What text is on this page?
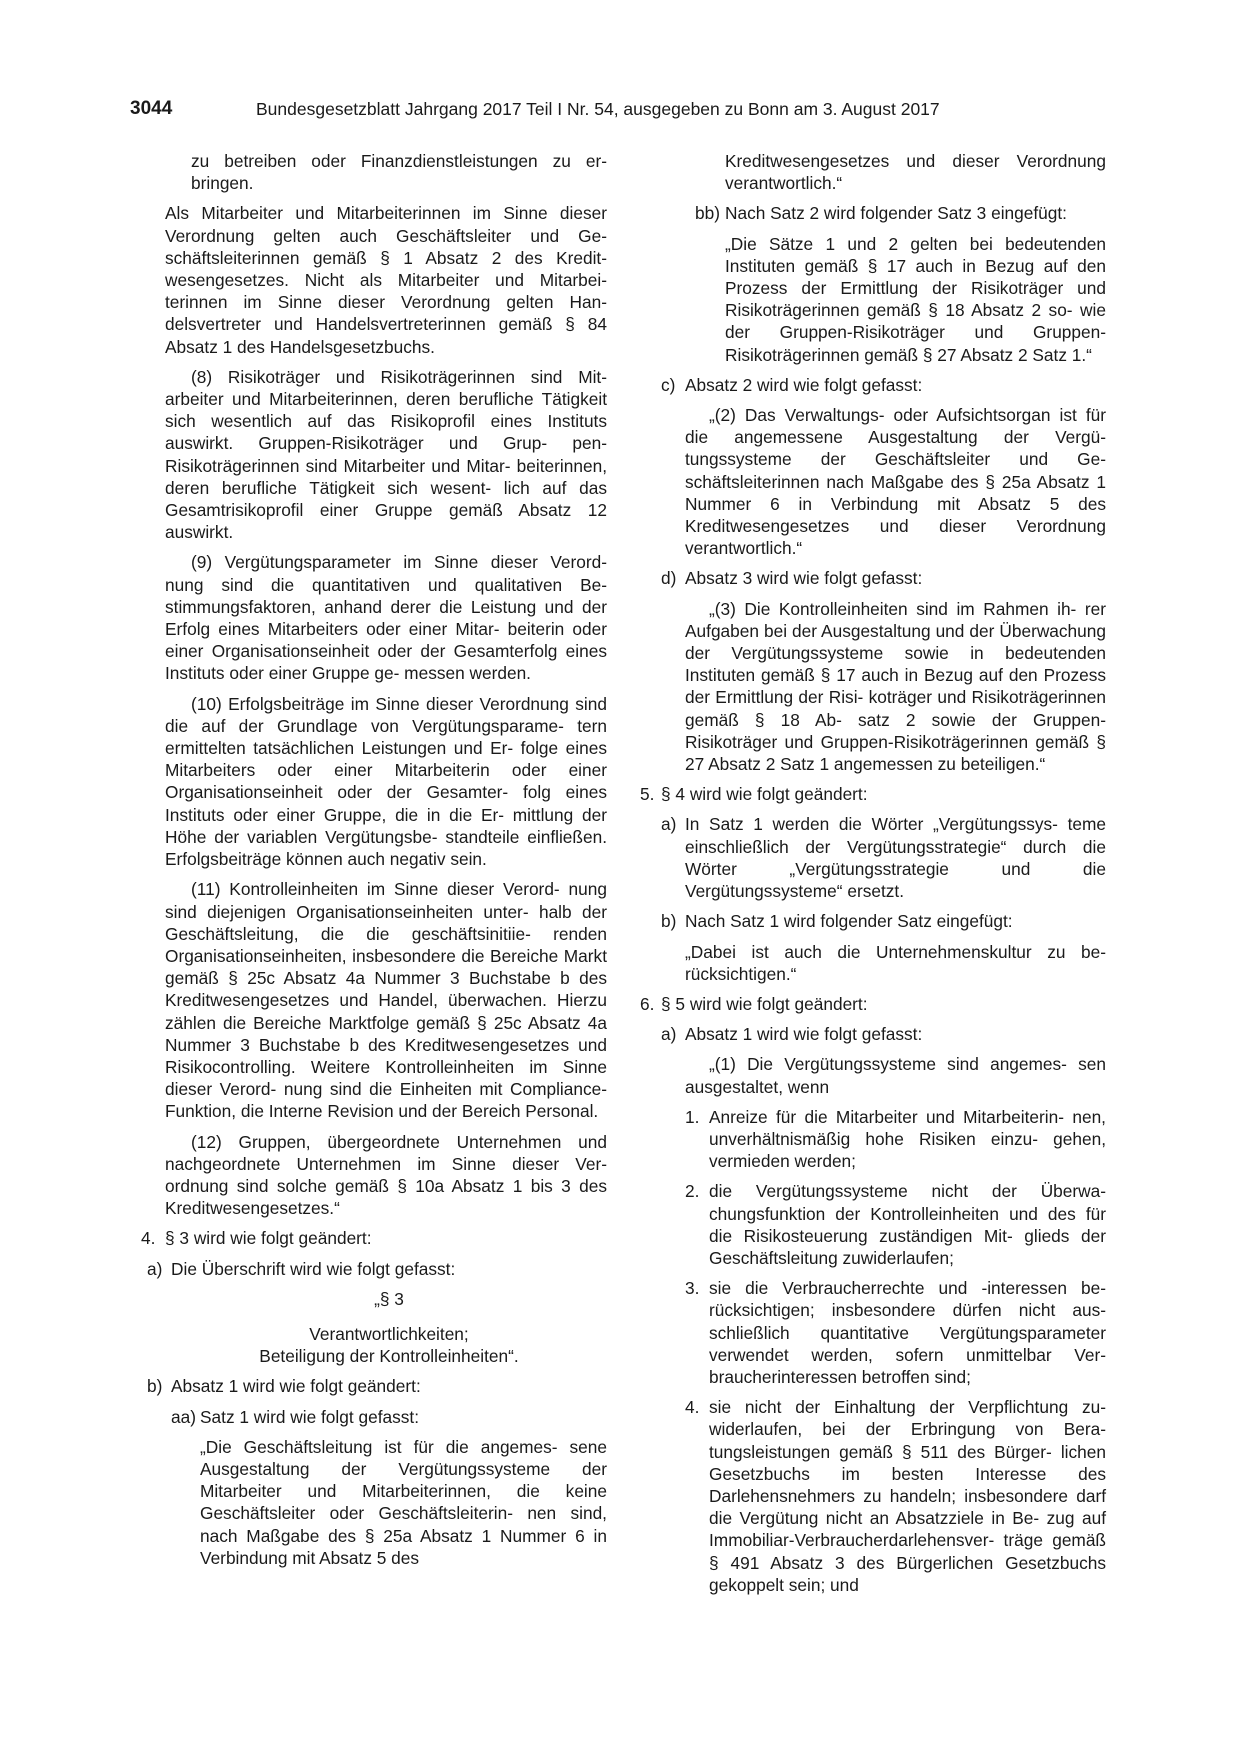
3044	Bundesgesetzblatt Jahrgang 2017 Teil I Nr. 54, ausgegeben zu Bonn am 3. August 2017
zu betreiben oder Finanzdienstleistungen zu er- bringen.
Als Mitarbeiter und Mitarbeiterinnen im Sinne dieser Verordnung gelten auch Geschäftsleiter und Ge- schäftsleiterinnen gemäß § 1 Absatz 2 des Kredit- wesengesetzes. Nicht als Mitarbeiter und Mitarbei- terinnen im Sinne dieser Verordnung gelten Han- delsvertreter und Handelsvertreterinnen gemäß § 84 Absatz 1 des Handelsgesetzbuchs.
(8) Risikoträger und Risikoträgerinnen sind Mit- arbeiter und Mitarbeiterinnen, deren berufliche Tätigkeit sich wesentlich auf das Risikoprofil eines Instituts auswirkt. Gruppen-Risikoträger und Grup- pen-Risikoträgerinnen sind Mitarbeiter und Mitar- beiterinnen, deren berufliche Tätigkeit sich wesent- lich auf das Gesamtrisikoprofil einer Gruppe gemäß Absatz 12 auswirkt.
(9) Vergütungsparameter im Sinne dieser Verord- nung sind die quantitativen und qualitativen Be- stimmungsfaktoren, anhand derer die Leistung und der Erfolg eines Mitarbeiters oder einer Mitar- beiterin oder einer Organisationseinheit oder der Gesamterfolg eines Instituts oder einer Gruppe ge- messen werden.
(10) Erfolgsbeiträge im Sinne dieser Verordnung sind die auf der Grundlage von Vergütungsparame- tern ermittelten tatsächlichen Leistungen und Er- folge eines Mitarbeiters oder einer Mitarbeiterin oder einer Organisationseinheit oder der Gesamter- folg eines Instituts oder einer Gruppe, die in die Er- mittlung der Höhe der variablen Vergütungsbe- standteile einfließen. Erfolgsbeiträge können auch negativ sein.
(11) Kontrolleinheiten im Sinne dieser Verord- nung sind diejenigen Organisationseinheiten unter- halb der Geschäftsleitung, die die geschäftsinitiie- renden Organisationseinheiten, insbesondere die Bereiche Markt gemäß § 25c Absatz 4a Nummer 3 Buchstabe b des Kreditwesengesetzes und Handel, überwachen. Hierzu zählen die Bereiche Marktfolge gemäß § 25c Absatz 4a Nummer 3 Buchstabe b des Kreditwesengesetzes und Risikocontrolling. Weitere Kontrolleinheiten im Sinne dieser Verord- nung sind die Einheiten mit Compliance-Funktion, die Interne Revision und der Bereich Personal.
(12) Gruppen, übergeordnete Unternehmen und nachgeordnete Unternehmen im Sinne dieser Ver- ordnung sind solche gemäß § 10a Absatz 1 bis 3 des Kreditwesengesetzes.“
4. § 3 wird wie folgt geändert:
a) Die Überschrift wird wie folgt gefasst:
„§ 3
Verantwortlichkeiten;
Beteiligung der Kontrolleinheiten“.
b) Absatz 1 wird wie folgt geändert:
aa) Satz 1 wird wie folgt gefasst:
„Die Geschäftsleitung ist für die angemes- sene Ausgestaltung der Vergütungssysteme der Mitarbeiter und Mitarbeiterinnen, die keine Geschäftsleiter oder Geschäftsleiterin- nen sind, nach Maßgabe des § 25a Absatz 1 Nummer 6 in Verbindung mit Absatz 5 des
Kreditwesengesetzes und dieser Verordnung verantwortlich.“
bb) Nach Satz 2 wird folgender Satz 3 eingefügt:
„Die Sätze 1 und 2 gelten bei bedeutenden Instituten gemäß § 17 auch in Bezug auf den Prozess der Ermittlung der Risikoträger und Risikoträgerinnen gemäß § 18 Absatz 2 so- wie der Gruppen-Risikoträger und Gruppen- Risikoträgerinnen gemäß § 27 Absatz 2 Satz 1.“
c) Absatz 2 wird wie folgt gefasst:
„(2) Das Verwaltungs- oder Aufsichtsorgan ist für die angemessene Ausgestaltung der Vergü- tungssysteme der Geschäftsleiter und Ge- schäftsleiterinnen nach Maßgabe des § 25a Absatz 1 Nummer 6 in Verbindung mit Absatz 5 des Kreditwesengesetzes und dieser Verordnung verantwortlich.“
d) Absatz 3 wird wie folgt gefasst:
„(3) Die Kontrolleinheiten sind im Rahmen ih- rer Aufgaben bei der Ausgestaltung und der Überwachung der Vergütungssysteme sowie in bedeutenden Instituten gemäß § 17 auch in Bezug auf den Prozess der Ermittlung der Risi- koträger und Risikoträgerinnen gemäß § 18 Ab- satz 2 sowie der Gruppen-Risikoträger und Gruppen-Risikoträgerinnen gemäß § 27 Absatz 2 Satz 1 angemessen zu beteiligen.“
5. § 4 wird wie folgt geändert:
a) In Satz 1 werden die Wörter „Vergütungssys- teme einschließlich der Vergütungsstrategie“ durch die Wörter „Vergütungsstrategie und die Vergütungssysteme“ ersetzt.
b) Nach Satz 1 wird folgender Satz eingefügt:
„Dabei ist auch die Unternehmenskultur zu be- rücksichtigen.“
6. § 5 wird wie folgt geändert:
a) Absatz 1 wird wie folgt gefasst:
„(1) Die Vergütungssysteme sind angemes- sen ausgestaltet, wenn
1. Anreize für die Mitarbeiter und Mitarbeiterin- nen, unverhältnismäßig hohe Risiken einzu- gehen, vermieden werden;
2. die Vergütungssysteme nicht der Überwa- chungsfunktion der Kontrolleinheiten und des für die Risikosteuerung zuständigen Mit- glieds der Geschäftsleitung zuwiderlaufen;
3. sie die Verbraucherrechte und -interessen be- rücksichtigen; insbesondere dürfen nicht aus- schließlich quantitative Vergütungsparameter verwendet werden, sofern unmittelbar Ver- braucherinteressen betroffen sind;
4. sie nicht der Einhaltung der Verpflichtung zu- widerlaufen, bei der Erbringung von Bera- tungsleistungen gemäß § 511 des Bürger- lichen Gesetzbuchs im besten Interesse des Darlehensnehmers zu handeln; insbesondere darf die Vergütung nicht an Absatzziele in Be- zug auf Immobiliar-Verbraucherdarlehensver- träge gemäß § 491 Absatz 3 des Bürgerlichen Gesetzbuchs gekoppelt sein; und
